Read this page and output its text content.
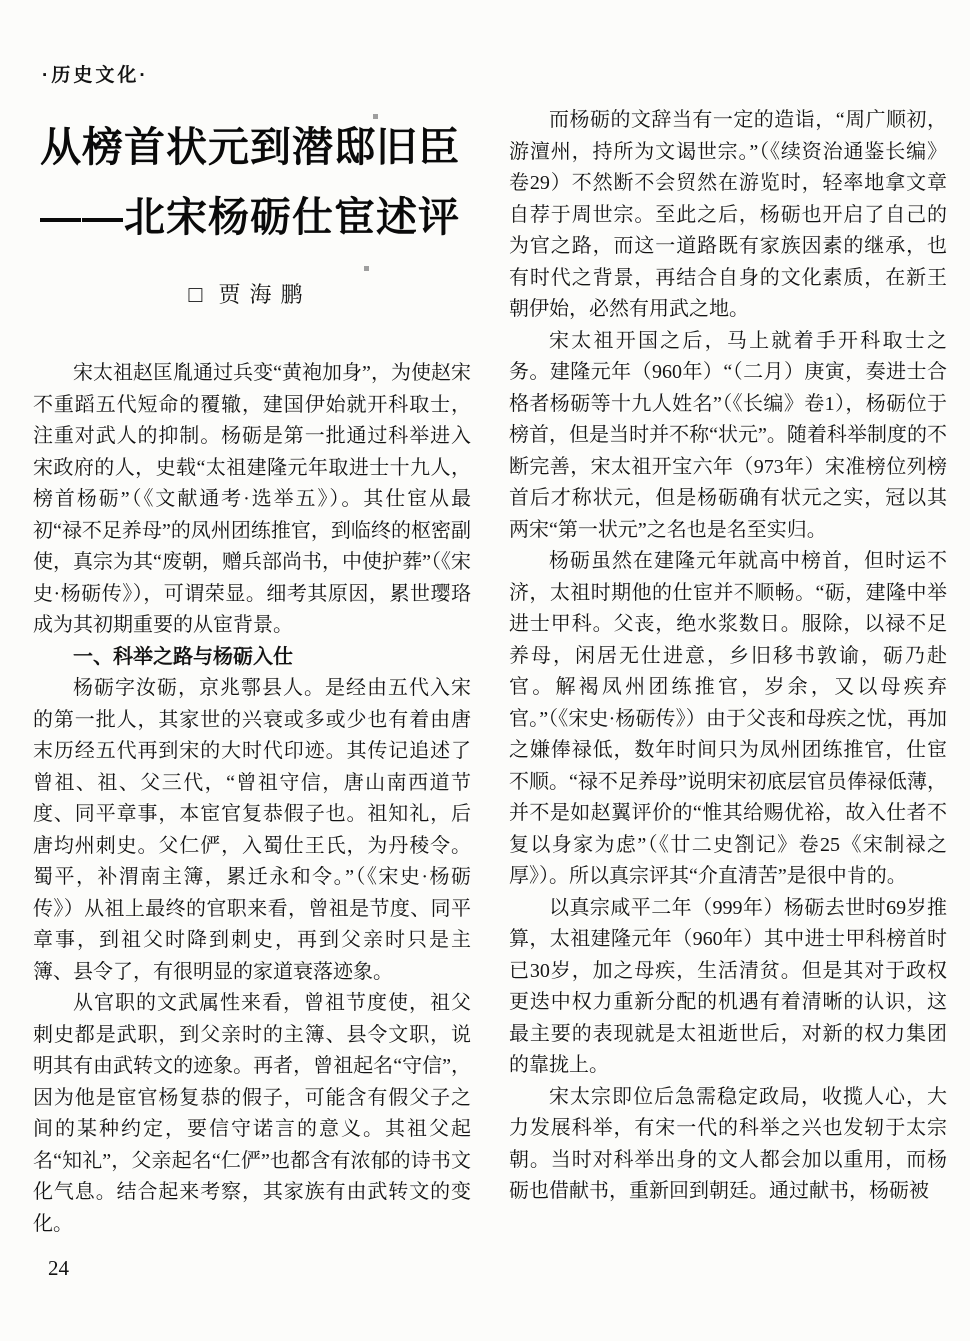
·历史文化·
从榜首状元到潜邸旧臣
——北宋杨砺仕宦述评
□ 贾海鹏

宋太祖赵匡胤通过兵变“黄袍加身”，为使赵宋不重蹈五代短命的覆辙，建国伊始就开科取士，注重对武人的抑制。杨砺是第一批通过科举进入宋政府的人，史载“太祖建隆元年取进士十九人，榜首杨砺”（《文献通考·选举五》）。其仕宦从最初“禄不足养母”的凤州团练推官，到临终的枢密副使，真宗为其“废朝，赠兵部尚书，中使护葬”（《宋史·杨砺传》），可谓荣显。细考其原因，累世璎珞成为其初期重要的从宦背景。

一、科举之路与杨砺入仕

杨砺字汝砺，京兆鄠县人。是经由五代入宋的第一批人，其家世的兴衰或多或少也有着由唐末历经五代再到宋的大时代印迹。其传记追述了曾祖、祖、父三代，“曾祖守信，唐山南西道节度、同平章事，本宦官复恭假子也。祖知礼，后唐均州刺史。父仁俨，入蜀仕王氏，为丹稜令。蜀平，补渭南主簿，累迁永和令。”（《宋史·杨砺传》）从祖上最终的官职来看，曾祖是节度、同平章事，到祖父时降到刺史，再到父亲时只是主簿、县令了，有很明显的家道衰落迹象。

从官职的文武属性来看，曾祖节度使，祖父刺史都是武职，到父亲时的主簿、县令文职，说明其有由武转文的迹象。再者，曾祖起名“守信”，因为他是宦官杨复恭的假子，可能含有假父子之间的某种约定，要信守诺言的意义。其祖父起名“知礼”，父亲起名“仁俨”也都含有浓郁的诗书文化气息。结合起来考察，其家族有由武转文的变化。

而杨砺的文辞当有一定的造诣，“周广顺初，游澶州，持所为文谒世宗。”（《续资治通鉴长编》卷29）不然断不会贸然在游览时，轻率地拿文章自荐于周世宗。至此之后，杨砺也开启了自己的为官之路，而这一道路既有家族因素的继承，也有时代之背景，再结合自身的文化素质，在新王朝伊始，必然有用武之地。

宋太祖开国之后，马上就着手开科取士之务。建隆元年（960年）“（二月）庚寅，奏进士合格者杨砺等十九人姓名”（《长编》卷1），杨砺位于榜首，但是当时并不称“状元”。随着科举制度的不断完善，宋太祖开宝六年（973年）宋准榜位列榜首后才称状元，但是杨砺确有状元之实，冠以其两宋“第一状元”之名也是名至实归。

杨砺虽然在建隆元年就高中榜首，但时运不济，太祖时期他的仕宦并不顺畅。“砺，建隆中举进士甲科。父丧，绝水浆数日。服除，以禄不足养母，闲居无仕进意，乡旧移书敦谕，砺乃赴官。解褐凤州团练推官，岁余，又以母疾弃官。”（《宋史·杨砺传》）由于父丧和母疾之忧，再加之嫌俸禄低，数年时间只为凤州团练推官，仕宦不顺。“禄不足养母”说明宋初底层官员俸禄低薄，并不是如赵翼评价的“惟其给赐优裕，故入仕者不复以身家为虑”（《廿二史劄记》卷25《宋制禄之厚》）。所以真宗评其“介直清苦”是很中肯的。

以真宗咸平二年（999年）杨砺去世时69岁推算，太祖建隆元年（960年）其中进士甲科榜首时已30岁，加之母疾，生活清贫。但是其对于政权更迭中权力重新分配的机遇有着清晰的认识，这最主要的表现就是太祖逝世后，对新的权力集团的靠拢上。

宋太宗即位后急需稳定政局，收揽人心，大力发展科举，有宋一代的科举之兴也发轫于太宗朝。当时对科举出身的文人都会加以重用，而杨砺也借献书，重新回到朝廷。通过献书，杨砺被

24
